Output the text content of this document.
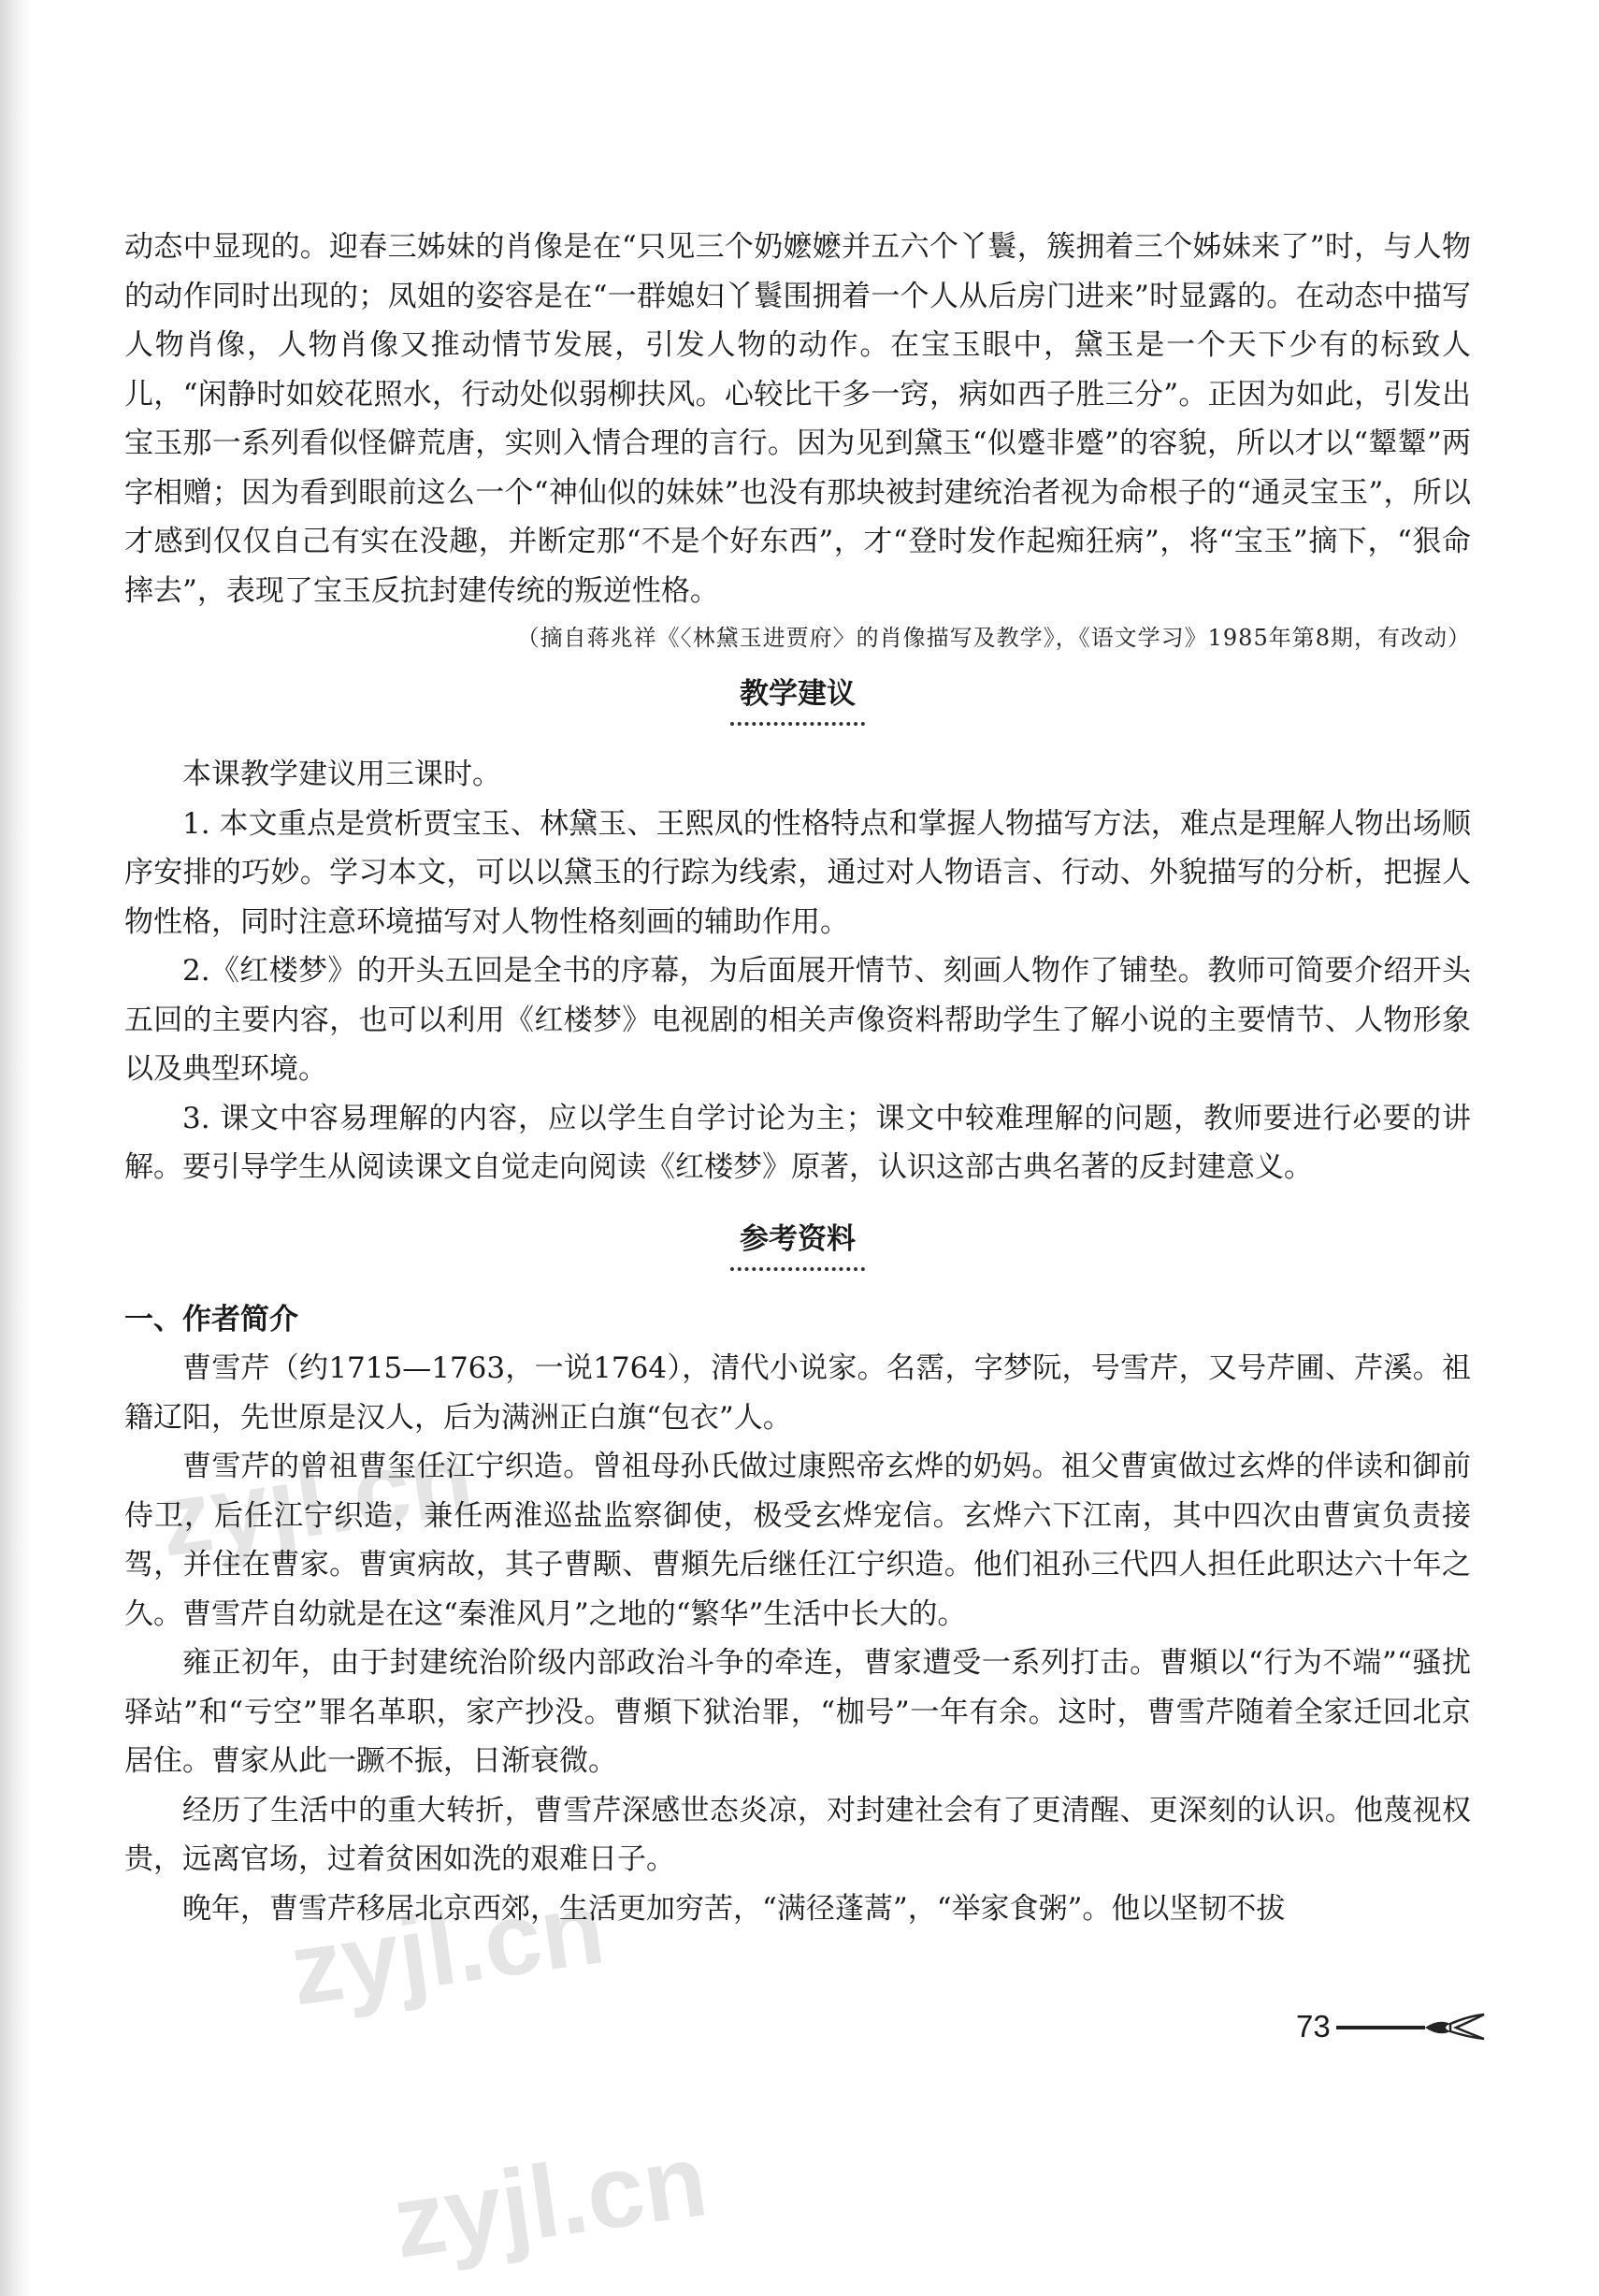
zyjl.cn
zyjl.cn
zyjl.cn

动态中显现的。迎春三姊妹的肖像是在“只见三个奶嬷嬷并五六个丫鬟，簇拥着三个姊妹来了”时，与人物的动作同时出现的；凤姐的姿容是在“一群媳妇丫鬟围拥着一个人从后房门进来”时显露的。在动态中描写人物肖像，人物肖像又推动情节发展，引发人物的动作。在宝玉眼中，黛玉是一个天下少有的标致人儿，“闲静时如姣花照水，行动处似弱柳扶风。心较比干多一窍，病如西子胜三分”。正因为如此，引发出宝玉那一系列看似怪僻荒唐，实则入情合理的言行。因为见到黛玉“似蹙非蹙”的容貌，所以才以“颦颦”两字相赠；因为看到眼前这么一个“神仙似的妹妹”也没有那块被封建统治者视为命根子的“通灵宝玉”，所以才感到仅仅自己有实在没趣，并断定那“不是个好东西”，才“登时发作起痴狂病”，将“宝玉”摘下，“狠命摔去”，表现了宝玉反抗封建传统的叛逆性格。

（摘自蒋兆祥《〈林黛玉进贾府〉的肖像描写及教学》，《语文学习》1985年第8期，有改动）
教学建议

本课教学建议用三课时。

1. 本文重点是赏析贾宝玉、林黛玉、王熙凤的性格特点和掌握人物描写方法，难点是理解人物出场顺序安排的巧妙。学习本文，可以以黛玉的行踪为线索，通过对人物语言、行动、外貌描写的分析，把握人物性格，同时注意环境描写对人物性格刻画的辅助作用。

2.《红楼梦》的开头五回是全书的序幕，为后面展开情节、刻画人物作了铺垫。教师可简要介绍开头五回的主要内容，也可以利用《红楼梦》电视剧的相关声像资料帮助学生了解小说的主要情节、人物形象以及典型环境。

3. 课文中容易理解的内容，应以学生自学讨论为主；课文中较难理解的问题，教师要进行必要的讲解。要引导学生从阅读课文自觉走向阅读《红楼梦》原著，认识这部古典名著的反封建意义。

参考资料
一、作者简介

曹雪芹（约1715—1763，一说1764），清代小说家。名霑，字梦阮，号雪芹，又号芹圃、芹溪。祖籍辽阳，先世原是汉人，后为满洲正白旗“包衣”人。

曹雪芹的曾祖曹玺任江宁织造。曾祖母孙氏做过康熙帝玄烨的奶妈。祖父曹寅做过玄烨的伴读和御前侍卫，后任江宁织造，兼任两淮巡盐监察御使，极受玄烨宠信。玄烨六下江南，其中四次由曹寅负责接驾，并住在曹家。曹寅病故，其子曹颙、曹頫先后继任江宁织造。他们祖孙三代四人担任此职达六十年之久。曹雪芹自幼就是在这“秦淮风月”之地的“繁华”生活中长大的。

雍正初年，由于封建统治阶级内部政治斗争的牵连，曹家遭受一系列打击。曹頫以“行为不端”“骚扰驿站”和“亏空”罪名革职，家产抄没。曹頫下狱治罪，“枷号”一年有余。这时，曹雪芹随着全家迁回北京居住。曹家从此一蹶不振，日渐衰微。

经历了生活中的重大转折，曹雪芹深感世态炎凉，对封建社会有了更清醒、更深刻的认识。他蔑视权贵，远离官场，过着贫困如洗的艰难日子。

晚年，曹雪芹移居北京西郊，生活更加穷苦，“满径蓬蒿”，“举家食粥”。他以坚韧不拔

73
